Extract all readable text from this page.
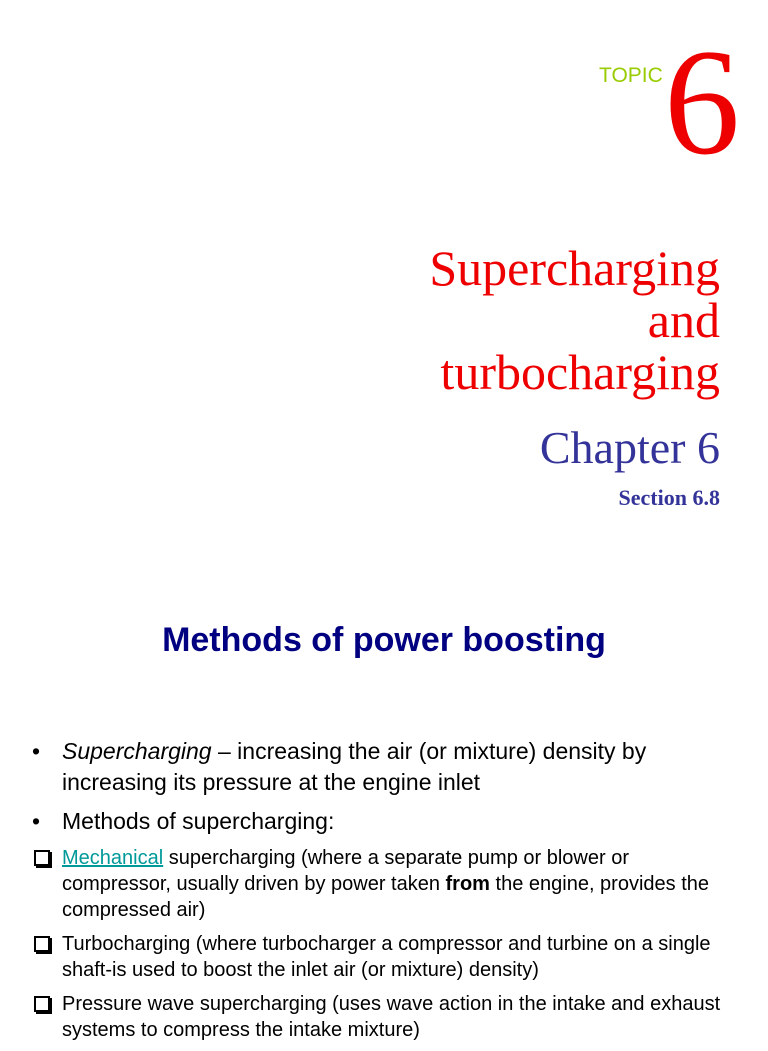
TOPIC 6
Supercharging
and
turbocharging
Chapter 6
Section 6.8
Methods of power boosting
• Supercharging – increasing the air (or mixture) density by increasing its pressure at the engine inlet
• Methods of supercharging:
Mechanical supercharging (where a separate pump or blower or compressor, usually driven by power taken from the engine, provides the compressed air)
Turbocharging (where turbocharger a compressor and turbine on a single shaft-is used to boost the inlet air (or mixture) density)
Pressure wave supercharging (uses wave action in the intake and exhaust systems to compress the intake mixture)
